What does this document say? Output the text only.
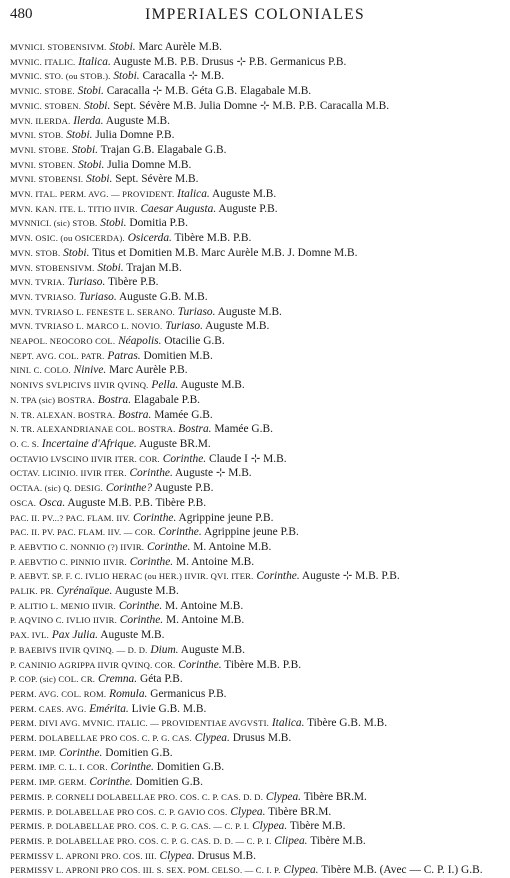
480	IMPERIALES COLONIALES
MVNICI. STOBENSIVM. Stobi. Marc Aurèle M.B.
MVNIC. ITALIC. Italica. Auguste M.B. P.B. Drusus ⊹ P.B. Germanicus P.B.
MVNIC. STO. (ou STOB.). Stobi. Caracalla ⊹ M.B.
MVNIC. STOBE. Stobi. Caracalla ⊹ M.B. Géta G.B. Elagabale M.B.
MVNIC. STOBEN. Stobi. Sept. Sévère M.B. Julia Domne ⊹ M.B. P.B. Caracalla M.B.
MVN. ILERDA. Ilerda. Auguste M.B.
MVNI. STOB. Stobi. Julia Domne P.B.
MVNI. STOBE. Stobi. Trajan G.B. Elagabale G.B.
MVNI. STOBEN. Stobi. Julia Domne M.B.
MVNI. STOBENSI. Stobi. Sept. Sévère M.B.
MVN. ITAL. PERM. AVG. — PROVIDENT. Italica. Auguste M.B.
MVN. KAN. ITE. L. TITIO IIVIR. Caesar Augusta. Auguste P.B.
MVNNICI. (sic) STOB. Stobi. Domitia P.B.
MVN. OSIC. (ou OSICERDA). Osicerda. Tibère M.B. P.B.
MVN. STOB. Stobi. Titus et Domitien M.B. Marc Aurèle M.B. J. Domne M.B.
MVN. STOBENSIVM. Stobi. Trajan M.B.
MVN. TVRIA. Turiaso. Tibère P.B.
MVN. TVRIASO. Turiaso. Auguste G.B. M.B.
MVN. TVRIASO L. FENESTE L. SERANO. Turiaso. Auguste M.B.
MVN. TVRIASO L. MARCO L. NOVIO. Turiaso. Auguste M.B.
NEAPOL. NEOCORO COL. Néapolis. Otacilie G.B.
NEPT. AVG. COL. PATR. Patras. Domitien M.B.
NINI. C. COLO. Ninive. Marc Aurèle P.B.
NONIVS SVLPICIVS IIVIR QVINQ. Pella. Auguste M.B.
N. TPA (sic) BOSTRA. Bostra. Elagabale P.B.
N. TR. ALEXAN. BOSTRA. Bostra. Mamée G.B.
N. TR. ALEXANDRIANAE COL. BOSTRA. Bostra. Mamée G.B.
O. C. S. Incertaine d'Afrique. Auguste BR.M.
OCTAVIO LVSCINO IIVIR ITER. COR. Corinthe. Claude I ⊹ M.B.
OCTAV. LICINIO. IIVIR ITER. Corinthe. Auguste ⊹ M.B.
OCTAA. (sic) Q. DESIG. Corinthe? Auguste P.B.
OSCA. Osca. Auguste M.B. P.B. Tibère P.B.
PAC. II. PV...? PAC. FLAM. IIV. Corinthe. Agrippine jeune P.B.
PAC. II. PV. PAC. FLAM. IIV. — COR. Corinthe. Agrippine jeune P.B.
P. AEBVTIO C. NONNIO (?) IIVIR. Corinthe. M. Antoine M.B.
P. AEBVTIO C. PINNIO IIVIR. Corinthe. M. Antoine M.B.
P. AEBVT. SP. F. C. IVLIO HERAC (ou HER.) IIVIR. QVI. ITER. Corinthe. Auguste ⊹ M.B. P.B.
PALIK. PR. Cyrénaïque. Auguste M.B.
P. ALITIO L. MENIO IIVIR. Corinthe. M. Antoine M.B.
P. AQVINO C. IVLIO IIVIR. Corinthe. M. Antoine M.B.
PAX. IVL. Pax Julia. Auguste M.B.
P. BAEBIVS IIVIR QVINQ. — D. D. Dium. Auguste M.B.
P. CANINIO AGRIPPA IIVIR QVINQ. COR. Corinthe. Tibère M.B. P.B.
P. COP. (sic) COL. CR. Cremna. Géta P.B.
PERM. AVG. COL. ROM. Romula. Germanicus P.B.
PERM. CAES. AVG. Emérita. Livie G.B. M.B.
PERM. DIVI AVG. MVNIC. ITALIC. — PROVIDENTIAE AVGVSTI. Italica. Tibère G.B. M.B.
PERM. DOLABELLAE PRO COS. C. P. G. CAS. Clypea. Drusus M.B.
PERM. IMP. Corinthe. Domitien G.B.
PERM. IMP. C. L. I. COR. Corinthe. Domitien G.B.
PERM. IMP. GERM. Corinthe. Domitien G.B.
PERMIS. P. CORNELI DOLABELLAE PRO. COS. C. P. CAS. D. D. Clypea. Tibère BR.M.
PERMIS. P. DOLABELLAE PRO COS. C. P. GAVIO COS. Clypea. Tibère BR.M.
PERMIS. P. DOLABELLAE PRO. COS. C. P. G. CAS. — C. P. I. Clypea. Tibère M.B.
PERMIS. P. DOLABELLAE PRO. COS. C. P. G. CAS. D. D. — C. P. I. Clipea. Tibère M.B.
PERMISSV L. APRONI PRO. COS. III. Clypea. Drusus M.B.
PERMISSV L. APRONI PRO COS. III. S. SEX. POM. CELSO. — C. I. P. Clypea. Tibère M.B. (Avec — C. P. I.) G.B.
